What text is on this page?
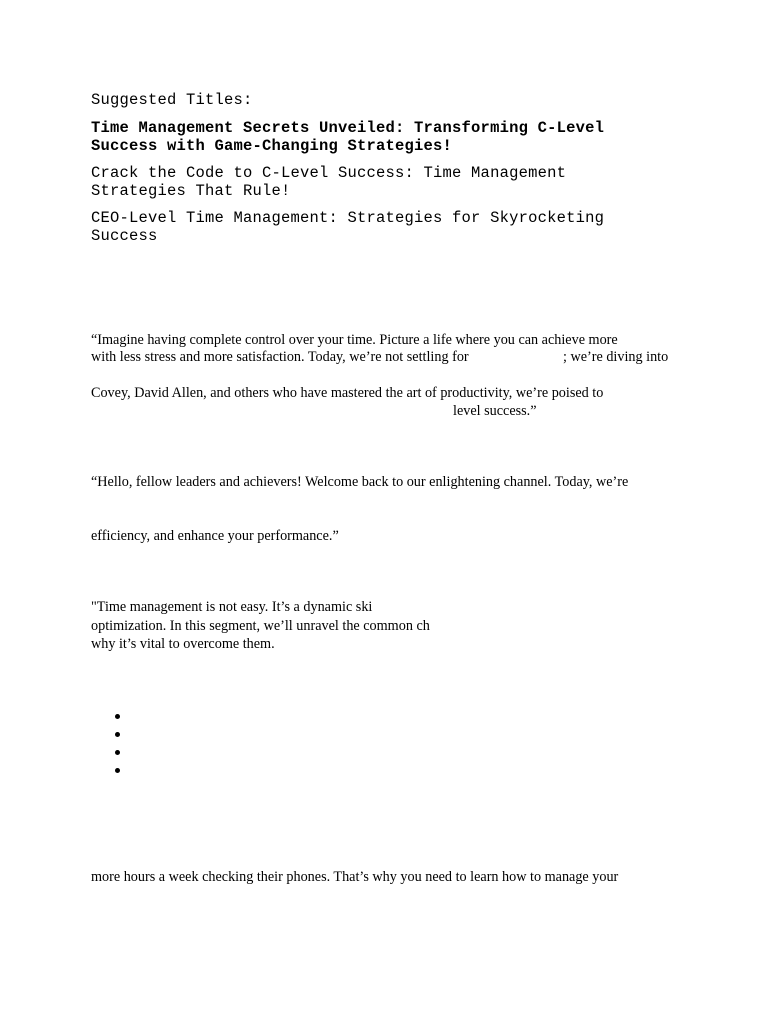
Suggested Titles:
Time Management Secrets Unveiled: Transforming C-Level
Success with Game-Changing Strategies!
Crack the Code to C-Level Success: Time Management
Strategies That Rule!
CEO-Level Time Management: Strategies for Skyrocketing
Success
“Imagine having complete control over your time. Picture a life where you can achieve more
with less stress and more satisfaction. Today, we’re not settling for	; we’re diving into
Covey, David Allen, and others who have mastered the art of productivity, we’re poised to
level success.”
“Hello, fellow leaders and achievers! Welcome back to our enlightening channel. Today, we’re
efficiency, and enhance your performance.”
"Time management is not easy. It’s a dynamic ski
optimization. In this segment, we’ll unravel the common ch
why it’s vital to overcome them.
more hours a week checking their phones. That’s why you need to learn how to manage your
